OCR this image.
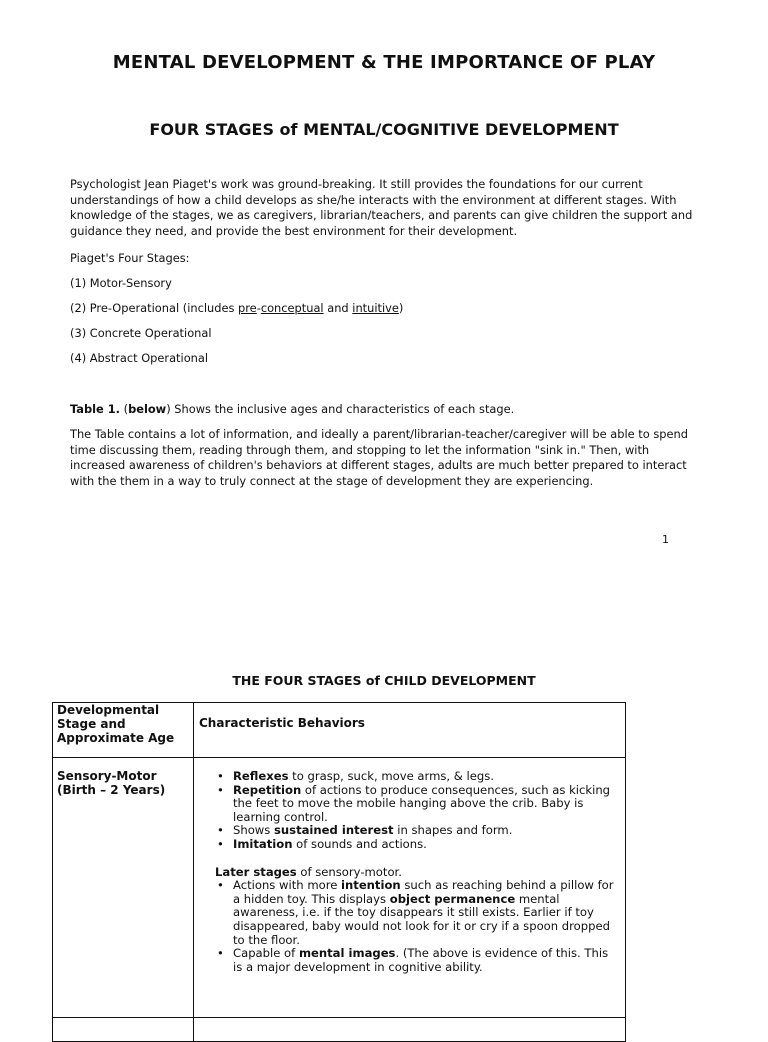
MENTAL DEVELOPMENT & THE IMPORTANCE OF PLAY
FOUR STAGES of MENTAL/COGNITIVE DEVELOPMENT

Psychologist Jean Piaget's work was ground-breaking. It still provides the foundations for our current understandings of how a child develops as she/he interacts with the environment at different stages. With knowledge of the stages, we as caregivers, librarian/teachers, and parents can give children the support and guidance they need, and provide the best environment for their development.

Piaget's Four Stages:
(1) Motor-Sensory
(2) Pre-Operational (includes pre-conceptual and intuitive)
(3) Concrete Operational
(4) Abstract Operational
Table 1. (below) Shows the inclusive ages and characteristics of each stage.

The Table contains a lot of information, and ideally a parent/librarian-teacher/caregiver will be able to spend time discussing them, reading through them, and stopping to let the information "sink in." Then, with increased awareness of children's behaviors at different stages, adults are much better prepared to interact with the them in a way to truly connect at the stage of development they are experiencing.

1
THE FOUR STAGES of CHILD DEVELOPMENT
Developmental Stage and Approximate Age
Characteristic Behaviors
Sensory-Motor
(Birth – 2 Years)
• Reflexes to grasp, suck, move arms, & legs.
• Repetition of actions to produce consequences, such as kicking the feet to move the mobile hanging above the crib. Baby is learning control.
• Shows sustained interest in shapes and form.
• Imitation of sounds and actions.
Later stages of sensory-motor.
• Actions with more intention such as reaching behind a pillow for a hidden toy. This displays object permanence mental awareness, i.e. if the toy disappears it still exists. Earlier if toy disappeared, baby would not look for it or cry if a spoon dropped to the floor.
• Capable of mental images. (The above is evidence of this. This is a major development in cognitive ability.
